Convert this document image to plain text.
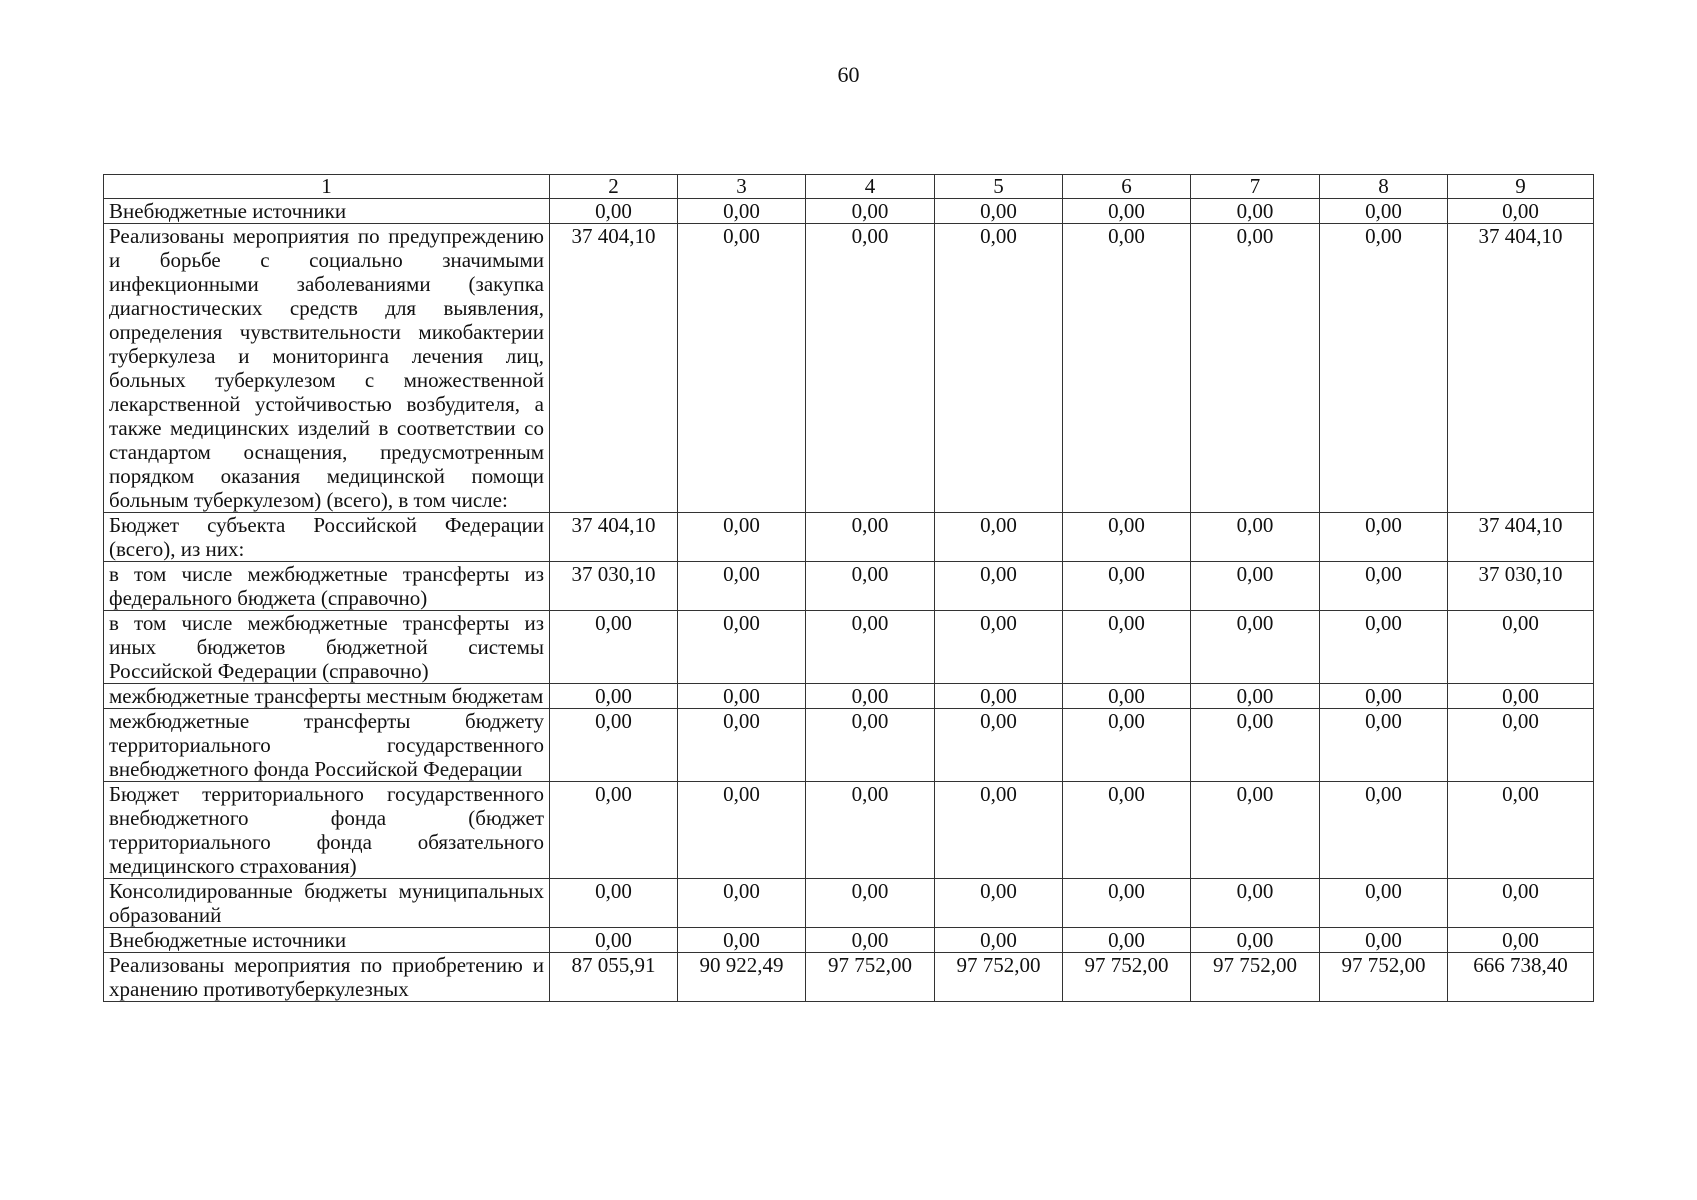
60
1	2	3	4	5	6	7	8	9
Внебюджетные источники	0,00	0,00	0,00	0,00	0,00	0,00	0,00	0,00
Реализованы мероприятия по предупреждению и борьбе с социально значимыми инфекционными заболеваниями (закупка диагностических средств для выявления, определения чувствительности микобактерии туберкулеза и мониторинга лечения лиц, больных туберкулезом с множественной лекарственной устойчивостью возбудителя, а также медицинских изделий в соответствии со стандартом оснащения, предусмотренным порядком оказания медицинской помощи больным туберкулезом) (всего), в том числе:	37 404,10	0,00	0,00	0,00	0,00	0,00	0,00	37 404,10
Бюджет субъекта Российской Федерации (всего), из них:	37 404,10	0,00	0,00	0,00	0,00	0,00	0,00	37 404,10
в том числе межбюджетные трансферты из федерального бюджета (справочно)	37 030,10	0,00	0,00	0,00	0,00	0,00	0,00	37 030,10
в том числе межбюджетные трансферты из иных бюджетов бюджетной системы Российской Федерации (справочно)	0,00	0,00	0,00	0,00	0,00	0,00	0,00	0,00
межбюджетные трансферты местным бюджетам	0,00	0,00	0,00	0,00	0,00	0,00	0,00	0,00
межбюджетные трансферты бюджету территориального государственного внебюджетного фонда Российской Федерации	0,00	0,00	0,00	0,00	0,00	0,00	0,00	0,00
Бюджет территориального государственного внебюджетного фонда (бюджет территориального фонда обязательного медицинского страхования)	0,00	0,00	0,00	0,00	0,00	0,00	0,00	0,00
Консолидированные бюджеты муниципальных образований	0,00	0,00	0,00	0,00	0,00	0,00	0,00	0,00
Внебюджетные источники	0,00	0,00	0,00	0,00	0,00	0,00	0,00	0,00
Реализованы мероприятия по приобретению и хранению противотуберкулезных	87 055,91	90 922,49	97 752,00	97 752,00	97 752,00	97 752,00	97 752,00	666 738,40
